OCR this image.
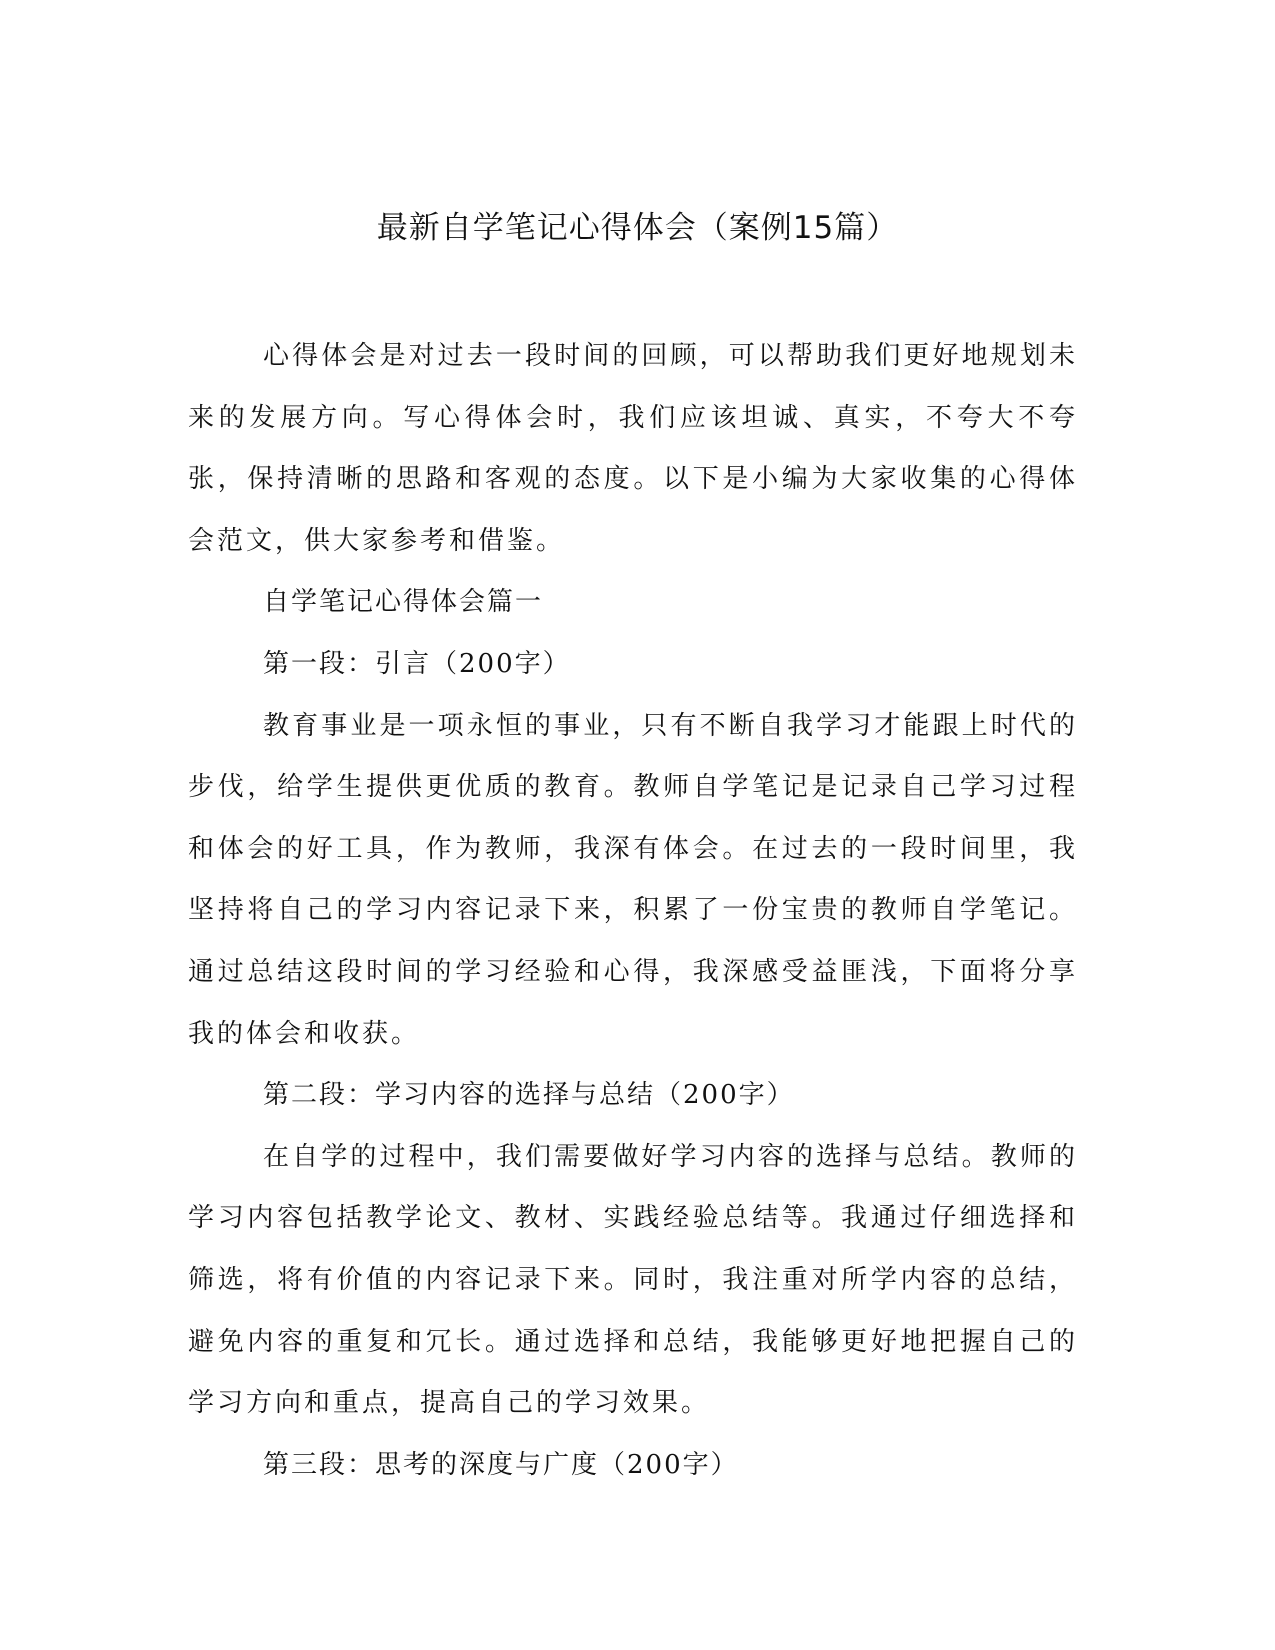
最新自学笔记心得体会（案例15篇）

心得体会是对过去一段时间的回顾，可以帮助我们更好地规划未来的发展方向。写心得体会时，我们应该坦诚、真实，不夸大不夸张，保持清晰的思路和客观的态度。以下是小编为大家收集的心得体会范文，供大家参考和借鉴。

自学笔记心得体会篇一

第一段：引言（200字）

教育事业是一项永恒的事业，只有不断自我学习才能跟上时代的步伐，给学生提供更优质的教育。教师自学笔记是记录自己学习过程和体会的好工具，作为教师，我深有体会。在过去的一段时间里，我坚持将自己的学习内容记录下来，积累了一份宝贵的教师自学笔记。通过总结这段时间的学习经验和心得，我深感受益匪浅，下面将分享我的体会和收获。

第二段：学习内容的选择与总结（200字）

在自学的过程中，我们需要做好学习内容的选择与总结。教师的学习内容包括教学论文、教材、实践经验总结等。我通过仔细选择和筛选，将有价值的内容记录下来。同时，我注重对所学内容的总结，避免内容的重复和冗长。通过选择和总结，我能够更好地把握自己的学习方向和重点，提高自己的学习效果。

第三段：思考的深度与广度（200字）
